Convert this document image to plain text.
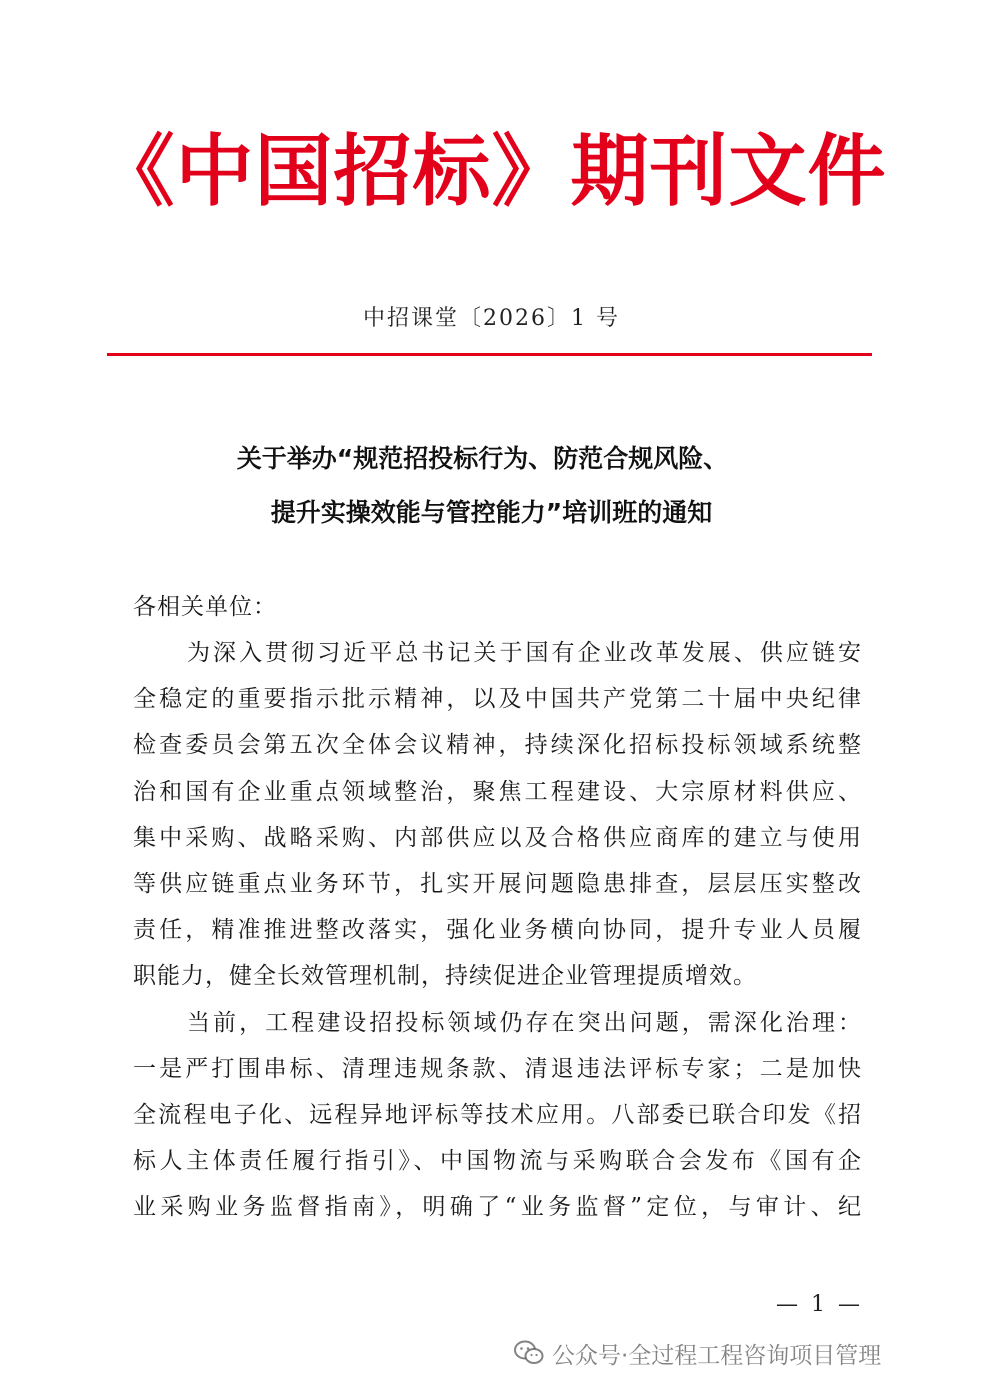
《中国招标》期刊文件
中招课堂〔2026〕1 号
关于举办“规范招投标行为、防范合规风险、
提升实操效能与管控能力”培训班的通知
各相关单位：
为深入贯彻习近平总书记关于国有企业改革发展、供应链安
全稳定的重要指示批示精神，以及中国共产党第二十届中央纪律
检查委员会第五次全体会议精神，持续深化招标投标领域系统整
治和国有企业重点领域整治，聚焦工程建设、大宗原材料供应、
集中采购、战略采购、内部供应以及合格供应商库的建立与使用
等供应链重点业务环节，扎实开展问题隐患排查，层层压实整改
责任，精准推进整改落实，强化业务横向协同，提升专业人员履
职能力，健全长效管理机制，持续促进企业管理提质增效。
当前，工程建设招投标领域仍存在突出问题，需深化治理：
一是严打围串标、清理违规条款、清退违法评标专家；二是加快
全流程电子化、远程异地评标等技术应用。八部委已联合印发《招
标人主体责任履行指引》、中国物流与采购联合会发布《国有企
业采购业务监督指南》，明确了“业务监督”定位，与审计、纪
— 1 —
公众号·全过程工程咨询项目管理
